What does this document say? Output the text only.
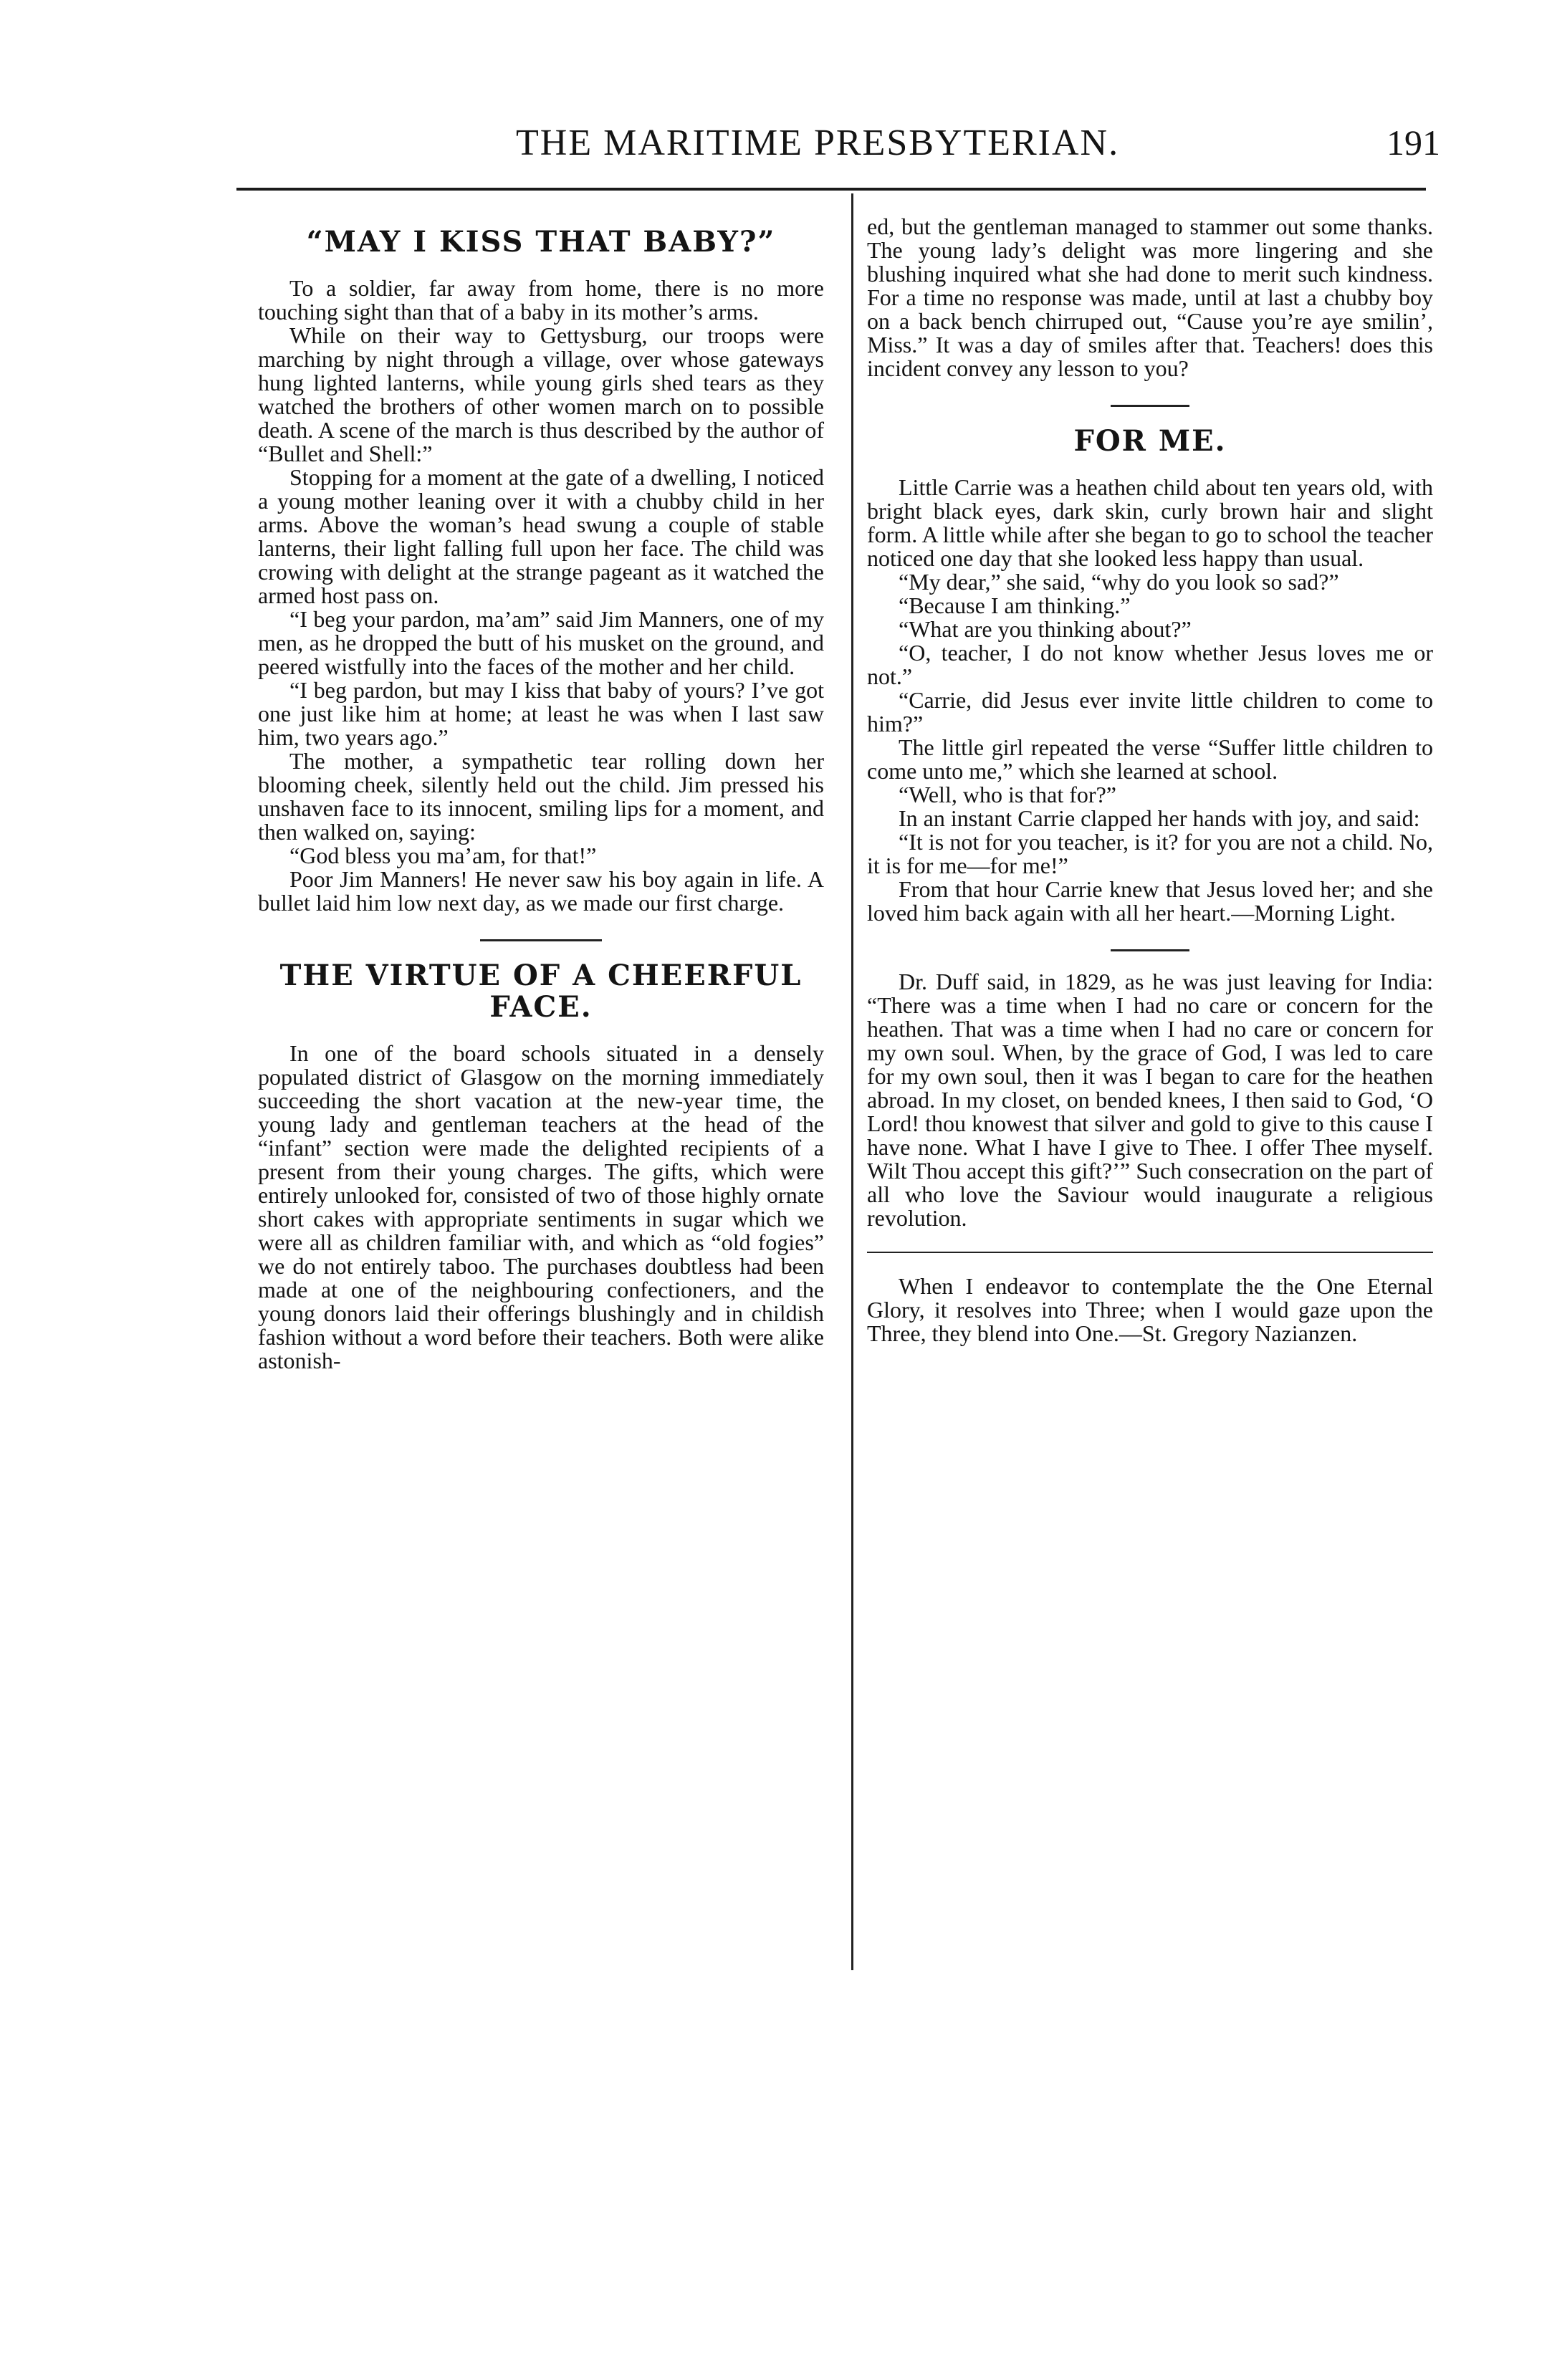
THE MARITIME PRESBYTERIAN.	191
“MAY I KISS THAT BABY?”

To a soldier, far away from home, there is no more touching sight than that of a baby in its mother’s arms.

While on their way to Gettysburg, our troops were marching by night through a village, over whose gateways hung lighted lanterns, while young girls shed tears as they watched the brothers of other women march on to possible death. A scene of the march is thus described by the author of “Bullet and Shell:”

Stopping for a moment at the gate of a dwelling, I noticed a young mother leaning over it with a chubby child in her arms. Above the woman’s head swung a couple of stable lanterns, their light falling full upon her face. The child was crowing with delight at the strange pageant as it watched the armed host pass on.

“I beg your pardon, ma’am” said Jim Manners, one of my men, as he dropped the butt of his musket on the ground, and peered wistfully into the faces of the mother and her child.

“I beg pardon, but may I kiss that baby of yours? I’ve got one just like him at home; at least he was when I last saw him, two years ago.”

The mother, a sympathetic tear rolling down her blooming cheek, silently held out the child. Jim pressed his unshaven face to its innocent, smiling lips for a moment, and then walked on, saying:

“God bless you ma’am, for that!”

Poor Jim Manners! He never saw his boy again in life. A bullet laid him low next day, as we made our first charge.

THE VIRTUE OF A CHEERFUL FACE.

In one of the board schools situated in a densely populated district of Glasgow on the morning immediately succeeding the short vacation at the new-year time, the young lady and gentleman teachers at the head of the “infant” section were made the delighted recipients of a present from their young charges. The gifts, which were entirely unlooked for, consisted of two of those highly ornate short cakes with appropriate sentiments in sugar which we were all as children familiar with, and which as “old fogies” we do not entirely taboo. The purchases doubtless had been made at one of the neighbouring confectioners, and the young donors laid their offerings blushingly and in childish fashion without a word before their teachers. Both were alike astonish-

ed, but the gentleman managed to stammer out some thanks. The young lady’s delight was more lingering and she blushing inquired what she had done to merit such kindness. For a time no response was made, until at last a chubby boy on a back bench chirruped out, “Cause you’re aye smilin’, Miss.” It was a day of smiles after that. Teachers! does this incident convey any lesson to you?

FOR ME.

Little Carrie was a heathen child about ten years old, with bright black eyes, dark skin, curly brown hair and slight form. A little while after she began to go to school the teacher noticed one day that she looked less happy than usual.

“My dear,” she said, “why do you look so sad?”

“Because I am thinking.”

“What are you thinking about?”

“O, teacher, I do not know whether Jesus loves me or not.”

“Carrie, did Jesus ever invite little children to come to him?”

The little girl repeated the verse “Suffer little children to come unto me,” which she learned at school.

“Well, who is that for?”

In an instant Carrie clapped her hands with joy, and said:

“It is not for you teacher, is it? for you are not a child. No, it is for me—for me!”

From that hour Carrie knew that Jesus loved her; and she loved him back again with all her heart.—Morning Light.

Dr. Duff said, in 1829, as he was just leaving for India: “There was a time when I had no care or concern for the heathen. That was a time when I had no care or concern for my own soul. When, by the grace of God, I was led to care for my own soul, then it was I began to care for the heathen abroad. In my closet, on bended knees, I then said to God, ‘O Lord! thou knowest that silver and gold to give to this cause I have none. What I have I give to Thee. I offer Thee myself. Wilt Thou accept this gift?’” Such consecration on the part of all who love the Saviour would inaugurate a religious revolution.

When I endeavor to contemplate the the One Eternal Glory, it resolves into Three; when I would gaze upon the Three, they blend into One.—St. Gregory Nazianzen.
